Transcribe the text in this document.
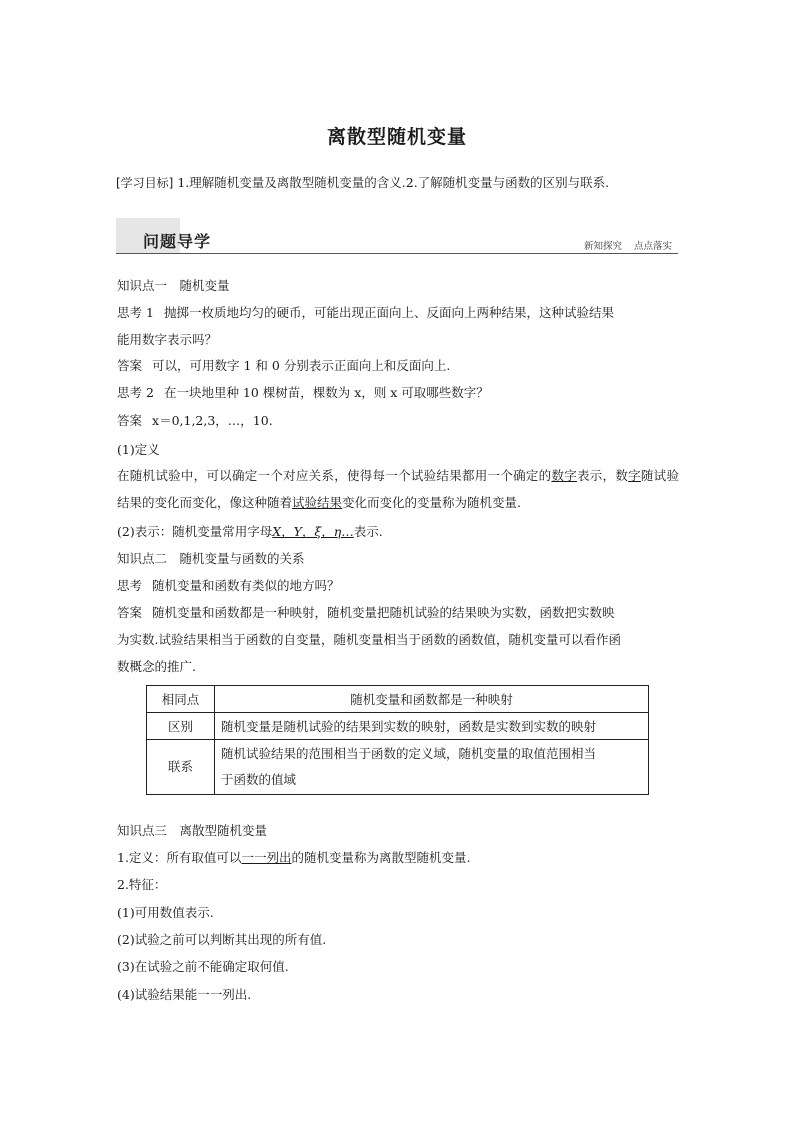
离散型随机变量
[学习目标] 1.理解随机变量及离散型随机变量的含义.2.了解随机变量与函数的区别与联系.
问题导学	新知探究 点点落实
知识点一　随机变量
思考 1 抛掷一枚质地均匀的硬币，可能出现正面向上、反面向上两种结果，这种试验结果
能用数字表示吗？
答案 可以，可用数字 1 和 0 分别表示正面向上和反面向上.
思考 2 在一块地里种 10 棵树苗，棵数为 x，则 x 可取哪些数字？
答案 x＝0,1,2,3，…，10.
(1)定义
在随机试验中，可以确定一个对应关系，使得每一个试验结果都用一个确定的数字表示，数字随试验结果的变化而变化，像这种随着试验结果变化而变化的变量称为随机变量.
(2)表示：随机变量常用字母X，Y，ξ，η…表示.
知识点二　随机变量与函数的关系
思考 随机变量和函数有类似的地方吗？
答案 随机变量和函数都是一种映射，随机变量把随机试验的结果映为实数，函数把实数映
为实数.试验结果相当于函数的自变量，随机变量相当于函数的函数值，随机变量可以看作函
数概念的推广.
相同点	随机变量和函数都是一种映射
区别	随机变量是随机试验的结果到实数的映射，函数是实数到实数的映射
联系	随机试验结果的范围相当于函数的定义域，随机变量的取值范围相当
于函数的值域
知识点三　离散型随机变量
1.定义：所有取值可以一一列出的随机变量称为离散型随机变量.
2.特征：
(1)可用数值表示.
(2)试验之前可以判断其出现的所有值.
(3)在试验之前不能确定取何值.
(4)试验结果能一一列出.
